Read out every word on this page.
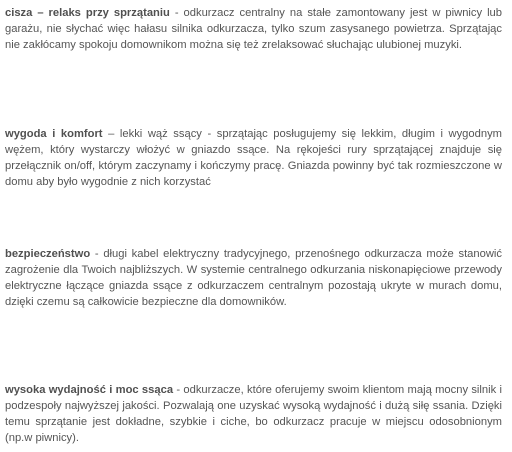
cisza – relaks przy sprzątaniu - odkurzacz centralny na stałe zamontowany jest w piwnicy lub garażu, nie słychać więc hałasu silnika odkurzacza, tylko szum zasysanego powietrza. Sprzątając nie zakłócamy spokoju domownikom można się też zrelaksować słuchając ulubionej muzyki.

wygoda i komfort – lekki wąż ssący - sprzątając posługujemy się lekkim, długim i wygodnym wężem, który wystarczy włożyć w gniazdo ssące. Na rękojeści rury sprzątającej znajduje się przełącznik on/off, którym zaczynamy i kończymy pracę. Gniazda powinny być tak rozmieszczone w domu aby było wygodnie z nich korzystać

bezpieczeństwo - długi kabel elektryczny tradycyjnego, przenośnego odkurzacza może stanowić zagrożenie dla Twoich najbliższych. W systemie centralnego odkurzania niskonapięciowe przewody elektryczne łączące gniazda ssące z odkurzaczem centralnym pozostają ukryte w murach domu, dzięki czemu są całkowicie bezpieczne dla domowników.

wysoka wydajność i moc ssąca - odkurzacze, które oferujemy swoim klientom mają mocny silnik i podzespoły najwyższej jakości. Pozwalają one uzyskać wysoką wydajność i dużą siłę ssania. Dzięki temu sprzątanie jest dokładne, szybkie i ciche, bo odkurzacz pracuje w miejscu odosobnionym (np.w piwnicy).
